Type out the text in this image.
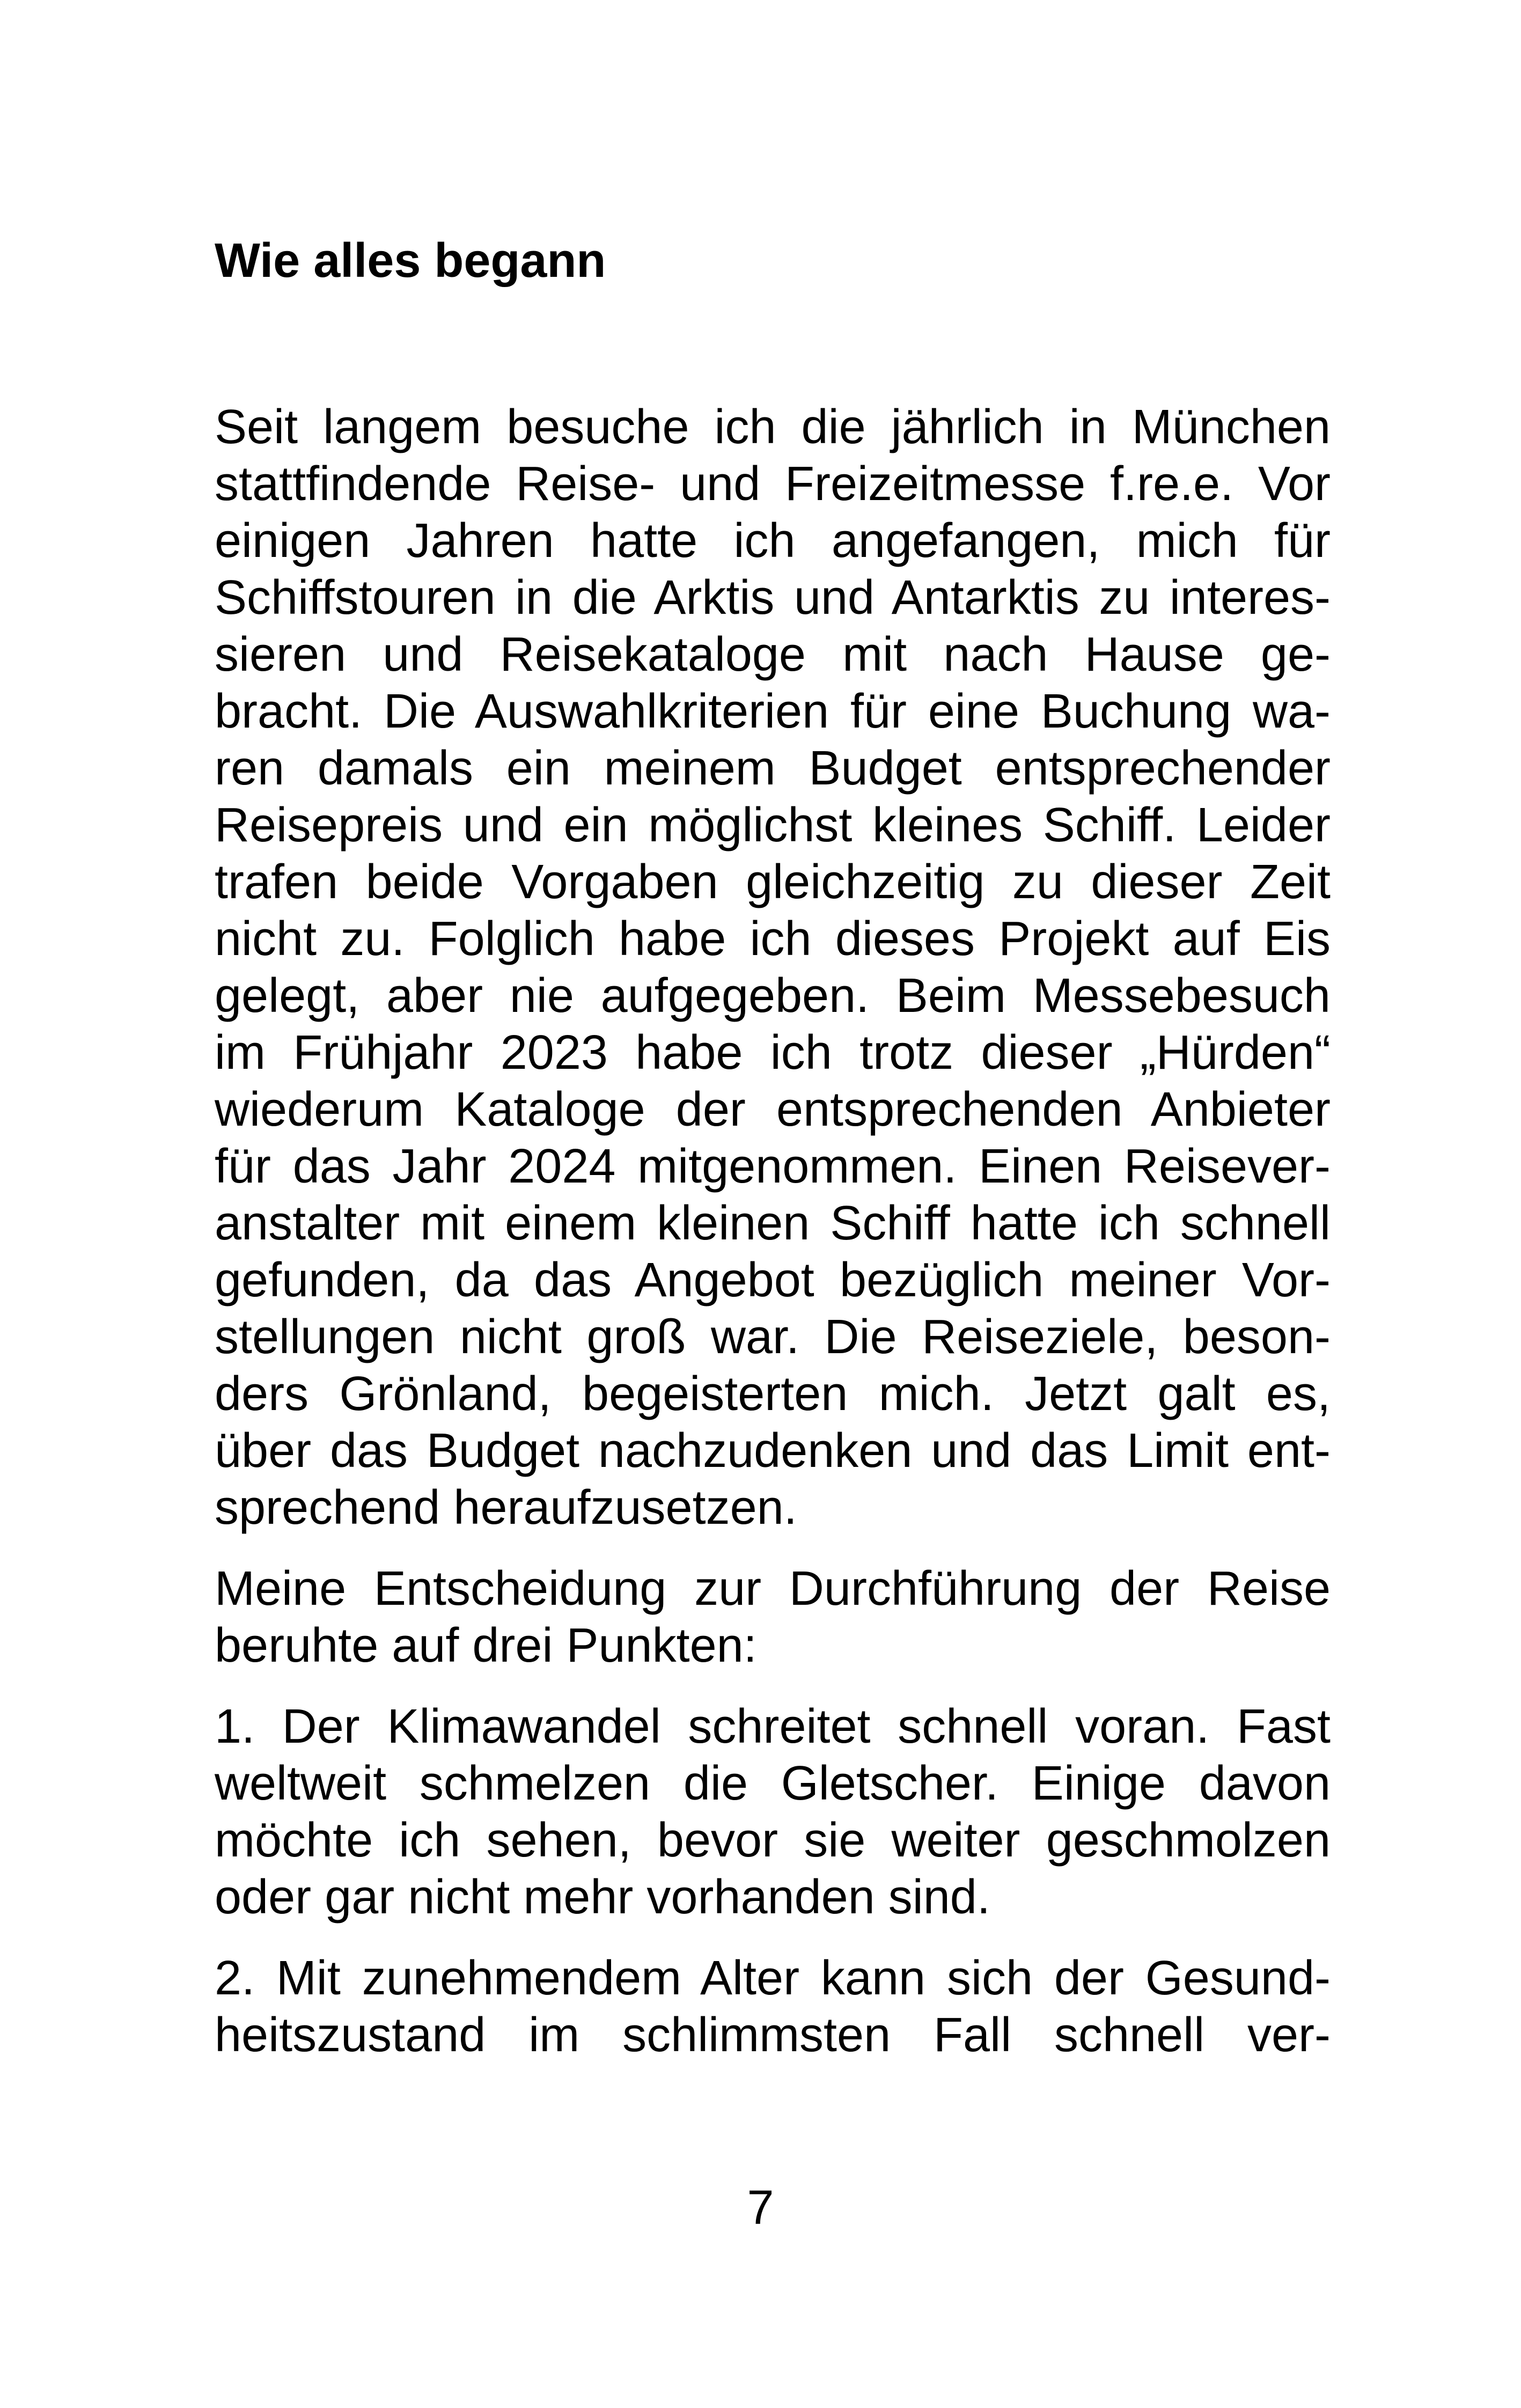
Wie alles begann
Seit langem besuche ich die jährlich in München
stattfindende Reise- und Freizeitmesse f.re.e. Vor
einigen Jahren hatte ich angefangen, mich für
Schiffstouren in die Arktis und Antarktis zu interes-
sieren und Reisekataloge mit nach Hause ge-
bracht. Die Auswahlkriterien für eine Buchung wa-
ren damals ein meinem Budget entsprechender
Reisepreis und ein möglichst kleines Schiff. Leider
trafen beide Vorgaben gleichzeitig zu dieser Zeit
nicht zu. Folglich habe ich dieses Projekt auf Eis
gelegt, aber nie aufgegeben. Beim Messebesuch
im Frühjahr 2023 habe ich trotz dieser „Hürden“
wiederum Kataloge der entsprechenden Anbieter
für das Jahr 2024 mitgenommen. Einen Reisever-
anstalter mit einem kleinen Schiff hatte ich schnell
gefunden, da das Angebot bezüglich meiner Vor-
stellungen nicht groß war. Die Reiseziele, beson-
ders Grönland, begeisterten mich. Jetzt galt es,
über das Budget nachzudenken und das Limit ent-
sprechend heraufzusetzen.
Meine Entscheidung zur Durchführung der Reise
beruhte auf drei Punkten:
1. Der Klimawandel schreitet schnell voran. Fast
weltweit schmelzen die Gletscher. Einige davon
möchte ich sehen, bevor sie weiter geschmolzen
oder gar nicht mehr vorhanden sind.
2. Mit zunehmendem Alter kann sich der Gesund-
heitszustand im schlimmsten Fall schnell ver-
7
